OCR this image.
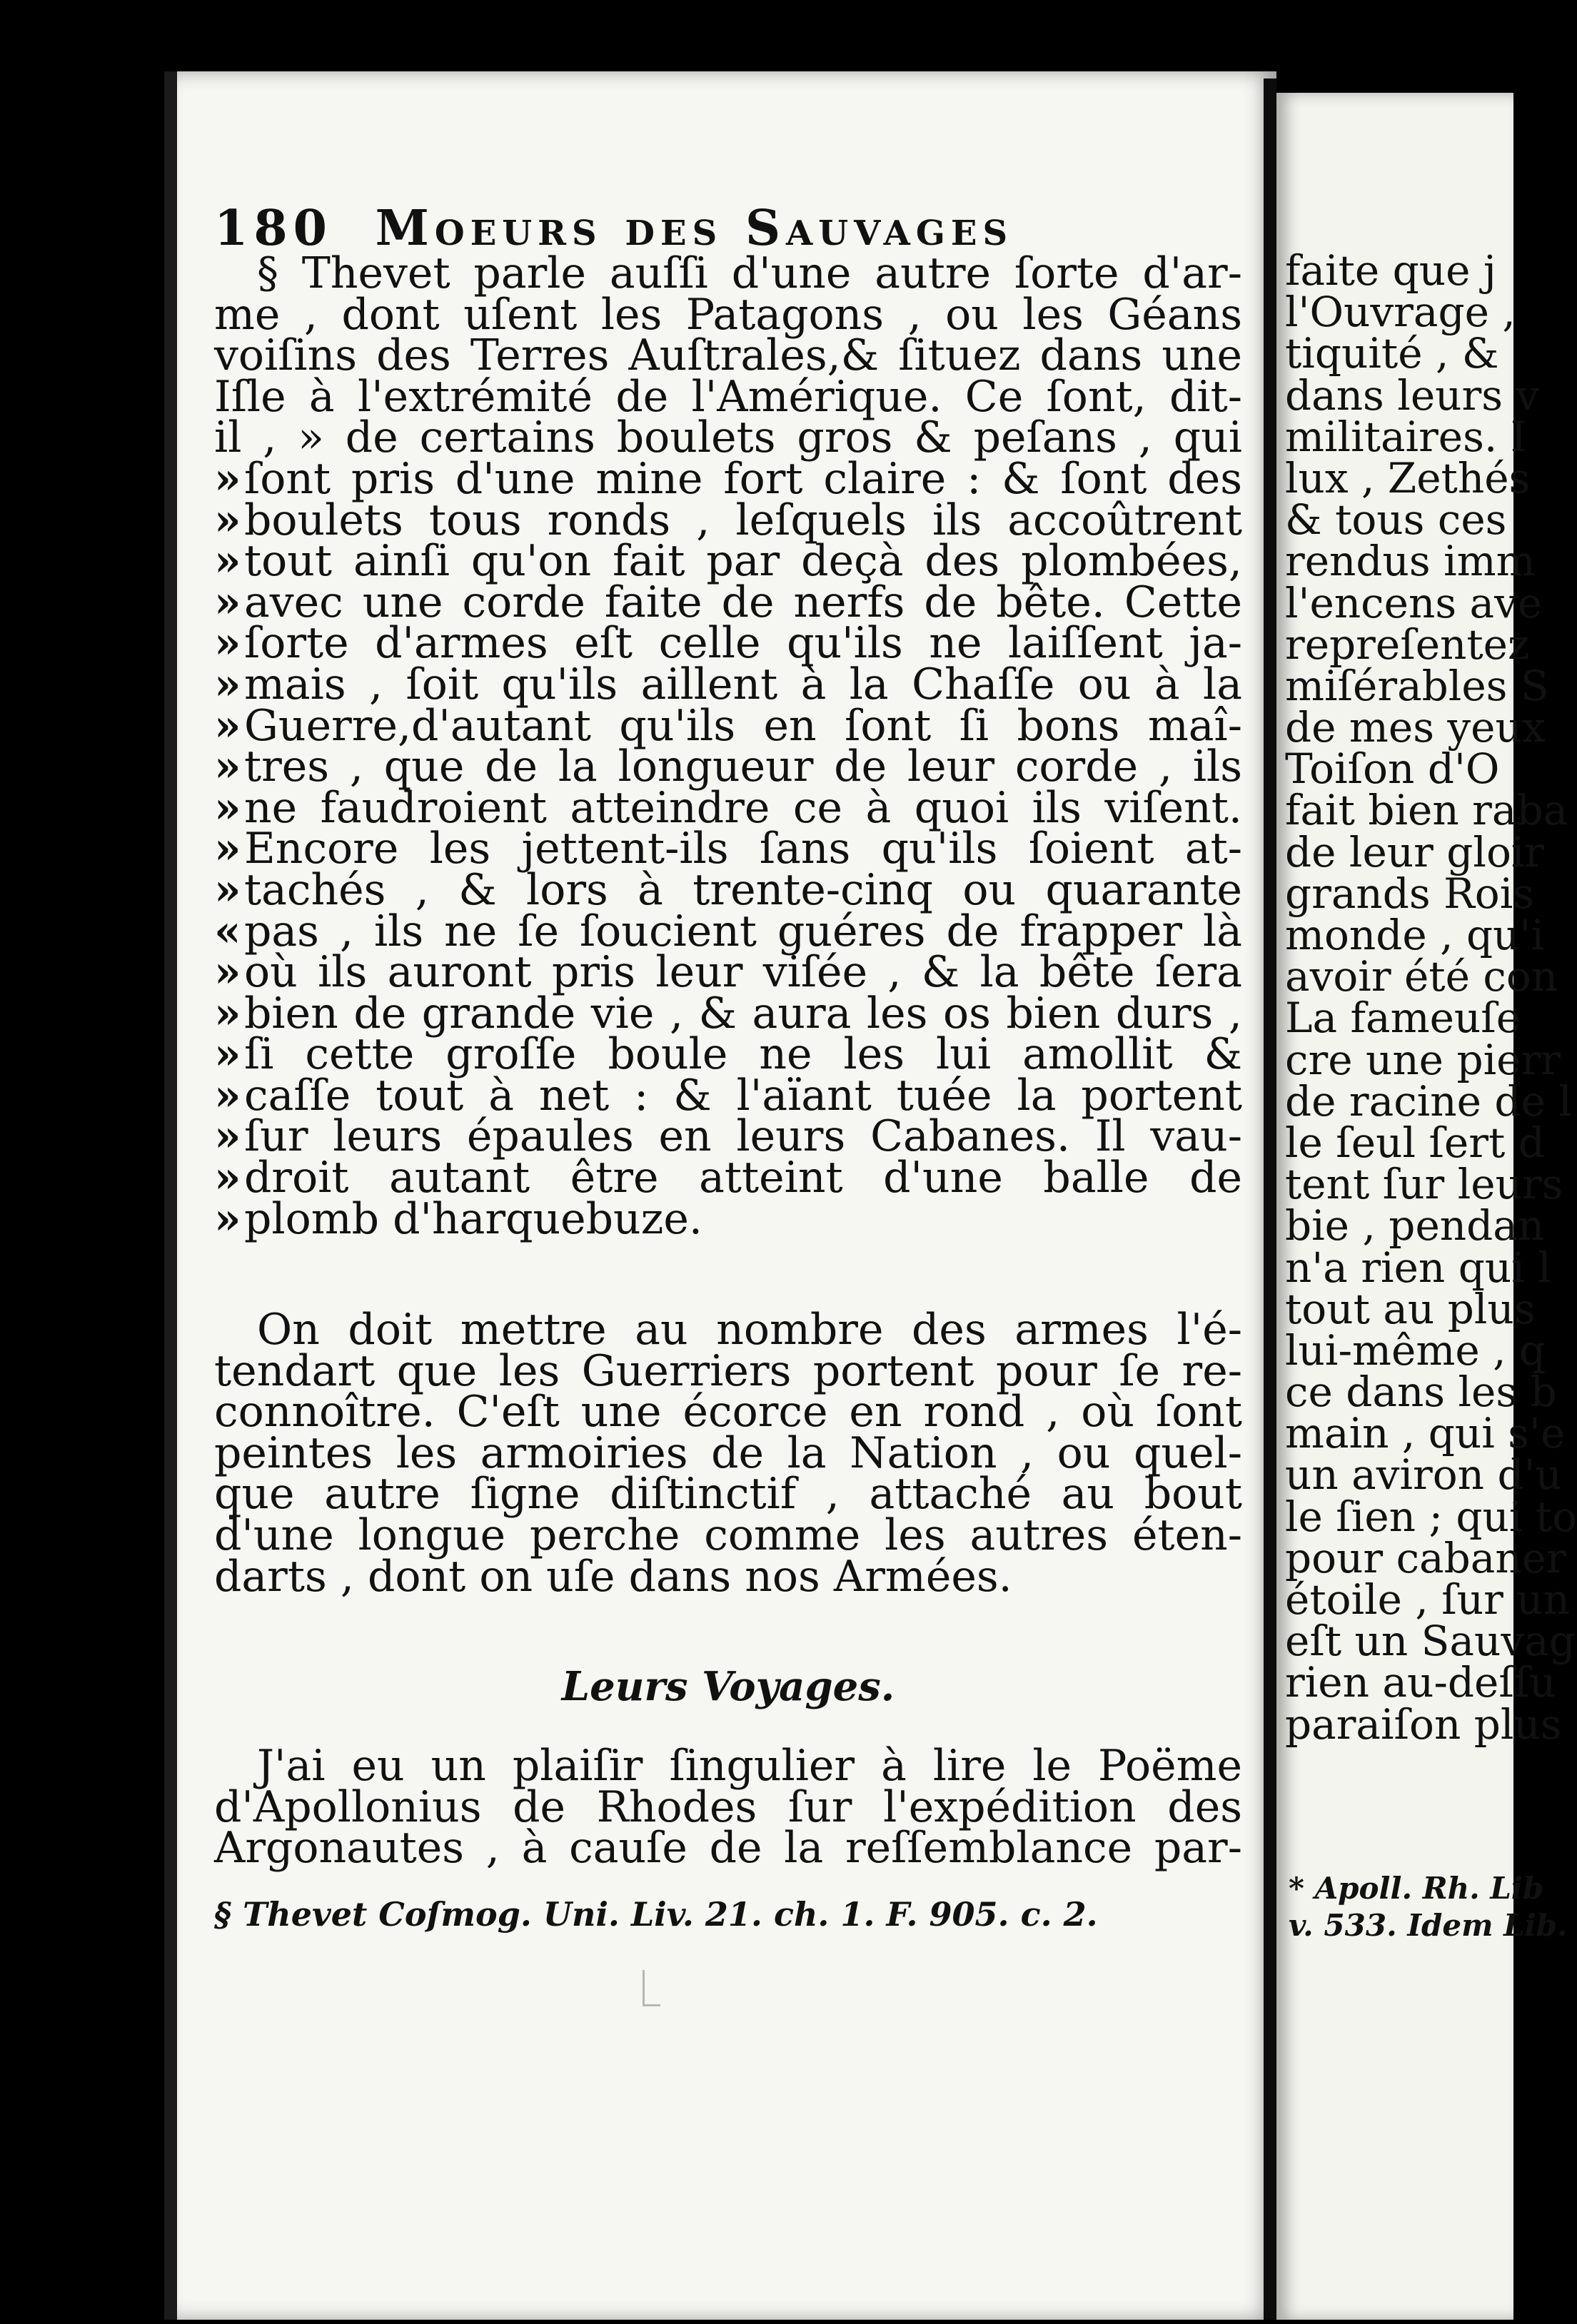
180 Moeurs des Sauvages
§ Thevet parle auſſi d'une autre ſorte d'ar-
me , dont uſent les Patagons , ou les Géans
voiſins des Terres Auſtrales,& ſituez dans une
Iſle à l'extrémité de l'Amérique. Ce ſont, dit-
il , » de certains boulets gros & peſans , qui
»ſont pris d'une mine fort claire : & ſont des
»boulets tous ronds , leſquels ils accoûtrent
»tout ainſi qu'on fait par deçà des plombées,
»avec une corde faite de nerfs de bête. Cette
»ſorte d'armes eſt celle qu'ils ne laiſſent ja-
»mais , ſoit qu'ils aillent à la Chaſſe ou à la
»Guerre,d'autant qu'ils en ſont ſi bons maî-
»tres , que de la longueur de leur corde , ils
»ne faudroient atteindre ce à quoi ils viſent.
»Encore les jettent-ils ſans qu'ils ſoient at-
»tachés , & lors à trente-cinq ou quarante
«pas , ils ne ſe ſoucient guéres de frapper là
»où ils auront pris leur viſée , & la bête ſera
»bien de grande vie , & aura les os bien durs ,
»ſi cette groſſe boule ne les lui amollit &
»caſſe tout à net : & l'aïant tuée la portent
»ſur leurs épaules en leurs Cabanes. Il vau-
»droit autant être atteint d'une balle de
»plomb d'harquebuze.
On doit mettre au nombre des armes l'é-
tendart que les Guerriers portent pour ſe re-
connoître. C'eſt une écorce en rond , où ſont
peintes les armoiries de la Nation , ou quel-
que autre ſigne diſtinctif , attaché au bout
d'une longue perche comme les autres éten-
darts , dont on uſe dans nos Armées.
Leurs Voyages.
J'ai eu un plaiſir ſingulier à lire le Poëme
d'Apollonius de Rhodes ſur l'expédition des
Argonautes , à cauſe de la reſſemblance par-
§ Thevet Coſmog. Uni. Liv. 21. ch. 1. F. 905. c. 2.
faite que j
l'Ouvrage ,
tiquité , &
dans leurs v
militaires. I
lux , Zethés
& tous ces
rendus imm
l'encens ave
repreſentez
miſérables S
de mes yeux
Toiſon d'O
fait bien raba
de leur gloir
grands Rois
monde , qu'i
avoir été con
La fameuſe
cre une pierr
de racine de l
le ſeul ſert d
tent ſur leurs
bie , pendan
n'a rien qui l
tout au plus
lui-même , q
ce dans les b
main , qui s'e
un aviron d'u
le ſien ; qui to
pour cabaner
étoile , ſur un
eſt un Sauvag
rien au-deſſu
paraiſon plus
* Apoll. Rh. Lib
v. 533. Idem Lib.
